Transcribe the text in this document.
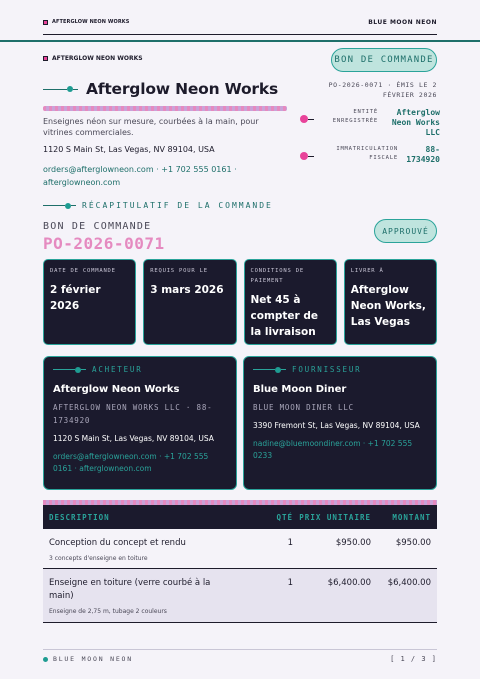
AFTERGLOW NEON WORKS	BLUE MOON NEON
AFTERGLOW NEON WORKS	BON DE COMMANDE
Afterglow Neon Works
Enseignes néon sur mesure, courbées à la main, pour vitrines commerciales.
1120 S Main St, Las Vegas, NV 89104, USA
orders@afterglowneon.com · +1 702 555 0161 · afterglowneon.com
PO-2026-0071 · ÉMIS LE 2 FÉVRIER 2026
ENTITÉ ENREGISTRÉE
Afterglow Neon Works LLC
IMMATRICULATION FISCALE
88-1734920
RÉCAPITULATIF DE LA COMMANDE
BON DE COMMANDE
PO-2026-0071
APPROUVÉ
DATE DE COMMANDE
2 février 2026
REQUIS POUR LE
3 mars 2026
CONDITIONS DE PAIEMENT
Net 45 à compter de la livraison
LIVRER À
Afterglow Neon Works, Las Vegas
ACHETEUR
Afterglow Neon Works
AFTERGLOW NEON WORKS LLC · 88-1734920
1120 S Main St, Las Vegas, NV 89104, USA
orders@afterglowneon.com · +1 702 555 0161 · afterglowneon.com
FOURNISSEUR
Blue Moon Diner
BLUE MOON DINER LLC
3390 Fremont St, Las Vegas, NV 89104, USA
nadine@bluemoondiner.com · +1 702 555 0233
DESCRIPTION	QTÉ PRIX UNITAIRE	MONTANT
Conception du concept et rendu
3 concepts d'enseigne en toiture
1	$950.00	$950.00
Enseigne en toiture (verre courbé à la main)
Enseigne de 2,75 m, tubage 2 couleurs
1	$6,400.00	$6,400.00
BLUE MOON NEON	[ 1 / 3 ]
